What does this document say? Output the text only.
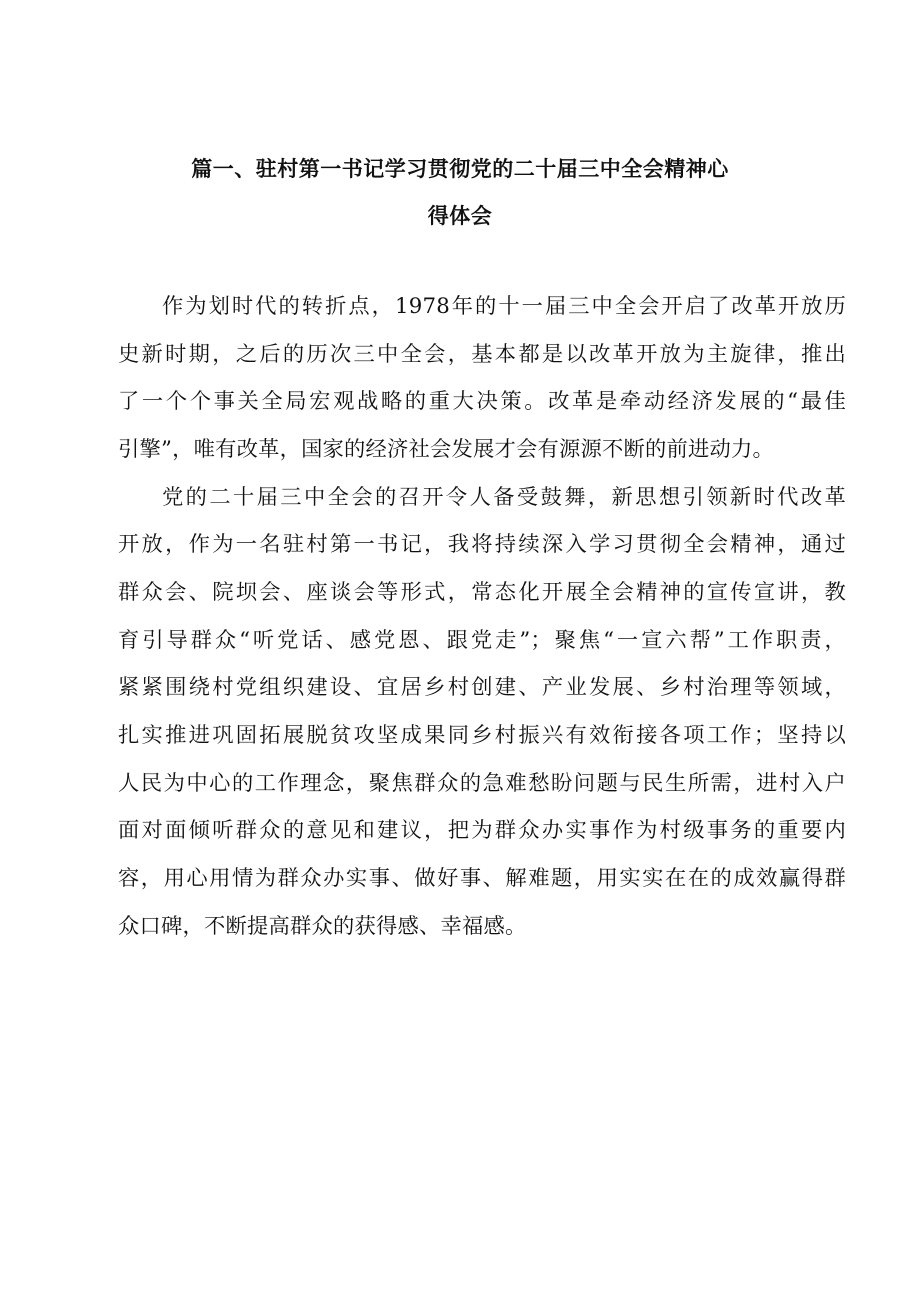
篇一、驻村第一书记学习贯彻党的二十届三中全会精神心
得体会
作为划时代的转折点，1978年的十一届三中全会开启了改革开放历
史新时期，之后的历次三中全会，基本都是以改革开放为主旋律，推出
了一个个事关全局宏观战略的重大决策。改革是牵动经济发展的“最佳
引擎”，唯有改革，国家的经济社会发展才会有源源不断的前进动力。
党的二十届三中全会的召开令人备受鼓舞，新思想引领新时代改革
开放，作为一名驻村第一书记，我将持续深入学习贯彻全会精神，通过
群众会、院坝会、座谈会等形式，常态化开展全会精神的宣传宣讲，教
育引导群众“听党话、感党恩、跟党走”；聚焦“一宣六帮”工作职责，
紧紧围绕村党组织建设、宜居乡村创建、产业发展、乡村治理等领域，
扎实推进巩固拓展脱贫攻坚成果同乡村振兴有效衔接各项工作；坚持以
人民为中心的工作理念，聚焦群众的急难愁盼问题与民生所需，进村入户
面对面倾听群众的意见和建议，把为群众办实事作为村级事务的重要内
容，用心用情为群众办实事、做好事、解难题，用实实在在的成效赢得群
众口碑，不断提高群众的获得感、幸福感。
